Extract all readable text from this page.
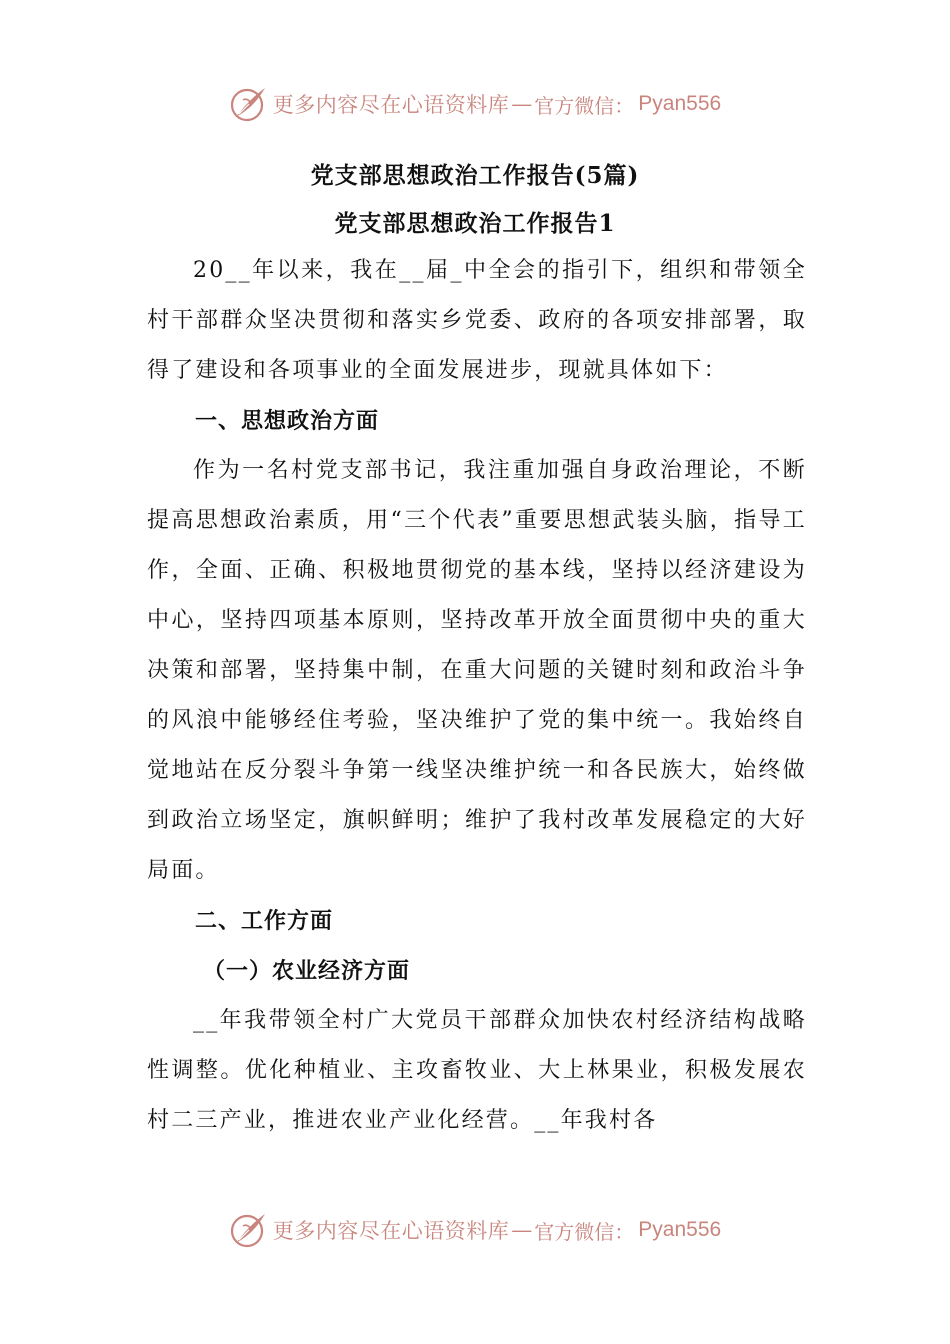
更多内容尽在心语资料库 — 官方微信： Pyan556
党支部思想政治工作报告(5篇)
党支部思想政治工作报告1

20__年以来，我在__届_中全会的指引下，组织和带领全村干部群众坚决贯彻和落实乡党委、政府的各项安排部署，取得了建设和各项事业的全面发展进步，现就具体如下：

一、思想政治方面

作为一名村党支部书记，我注重加强自身政治理论，不断提高思想政治素质，用“三个代表”重要思想武装头脑，指导工作，全面、正确、积极地贯彻党的基本线，坚持以经济建设为中心，坚持四项基本原则，坚持改革开放全面贯彻中央的重大决策和部署，坚持集中制，在重大问题的关键时刻和政治斗争的风浪中能够经住考验，坚决维护了党的集中统一。我始终自觉地站在反分裂斗争第一线坚决维护统一和各民族大，始终做到政治立场坚定，旗帜鲜明；维护了我村改革发展稳定的大好局面。

二、工作方面

（一）农业经济方面

__年我带领全村广大党员干部群众加快农村经济结构战略性调整。优化种植业、主攻畜牧业、大上林果业，积极发展农村二三产业，推进农业产业化经营。__年我村各

更多内容尽在心语资料库 — 官方微信： Pyan556
